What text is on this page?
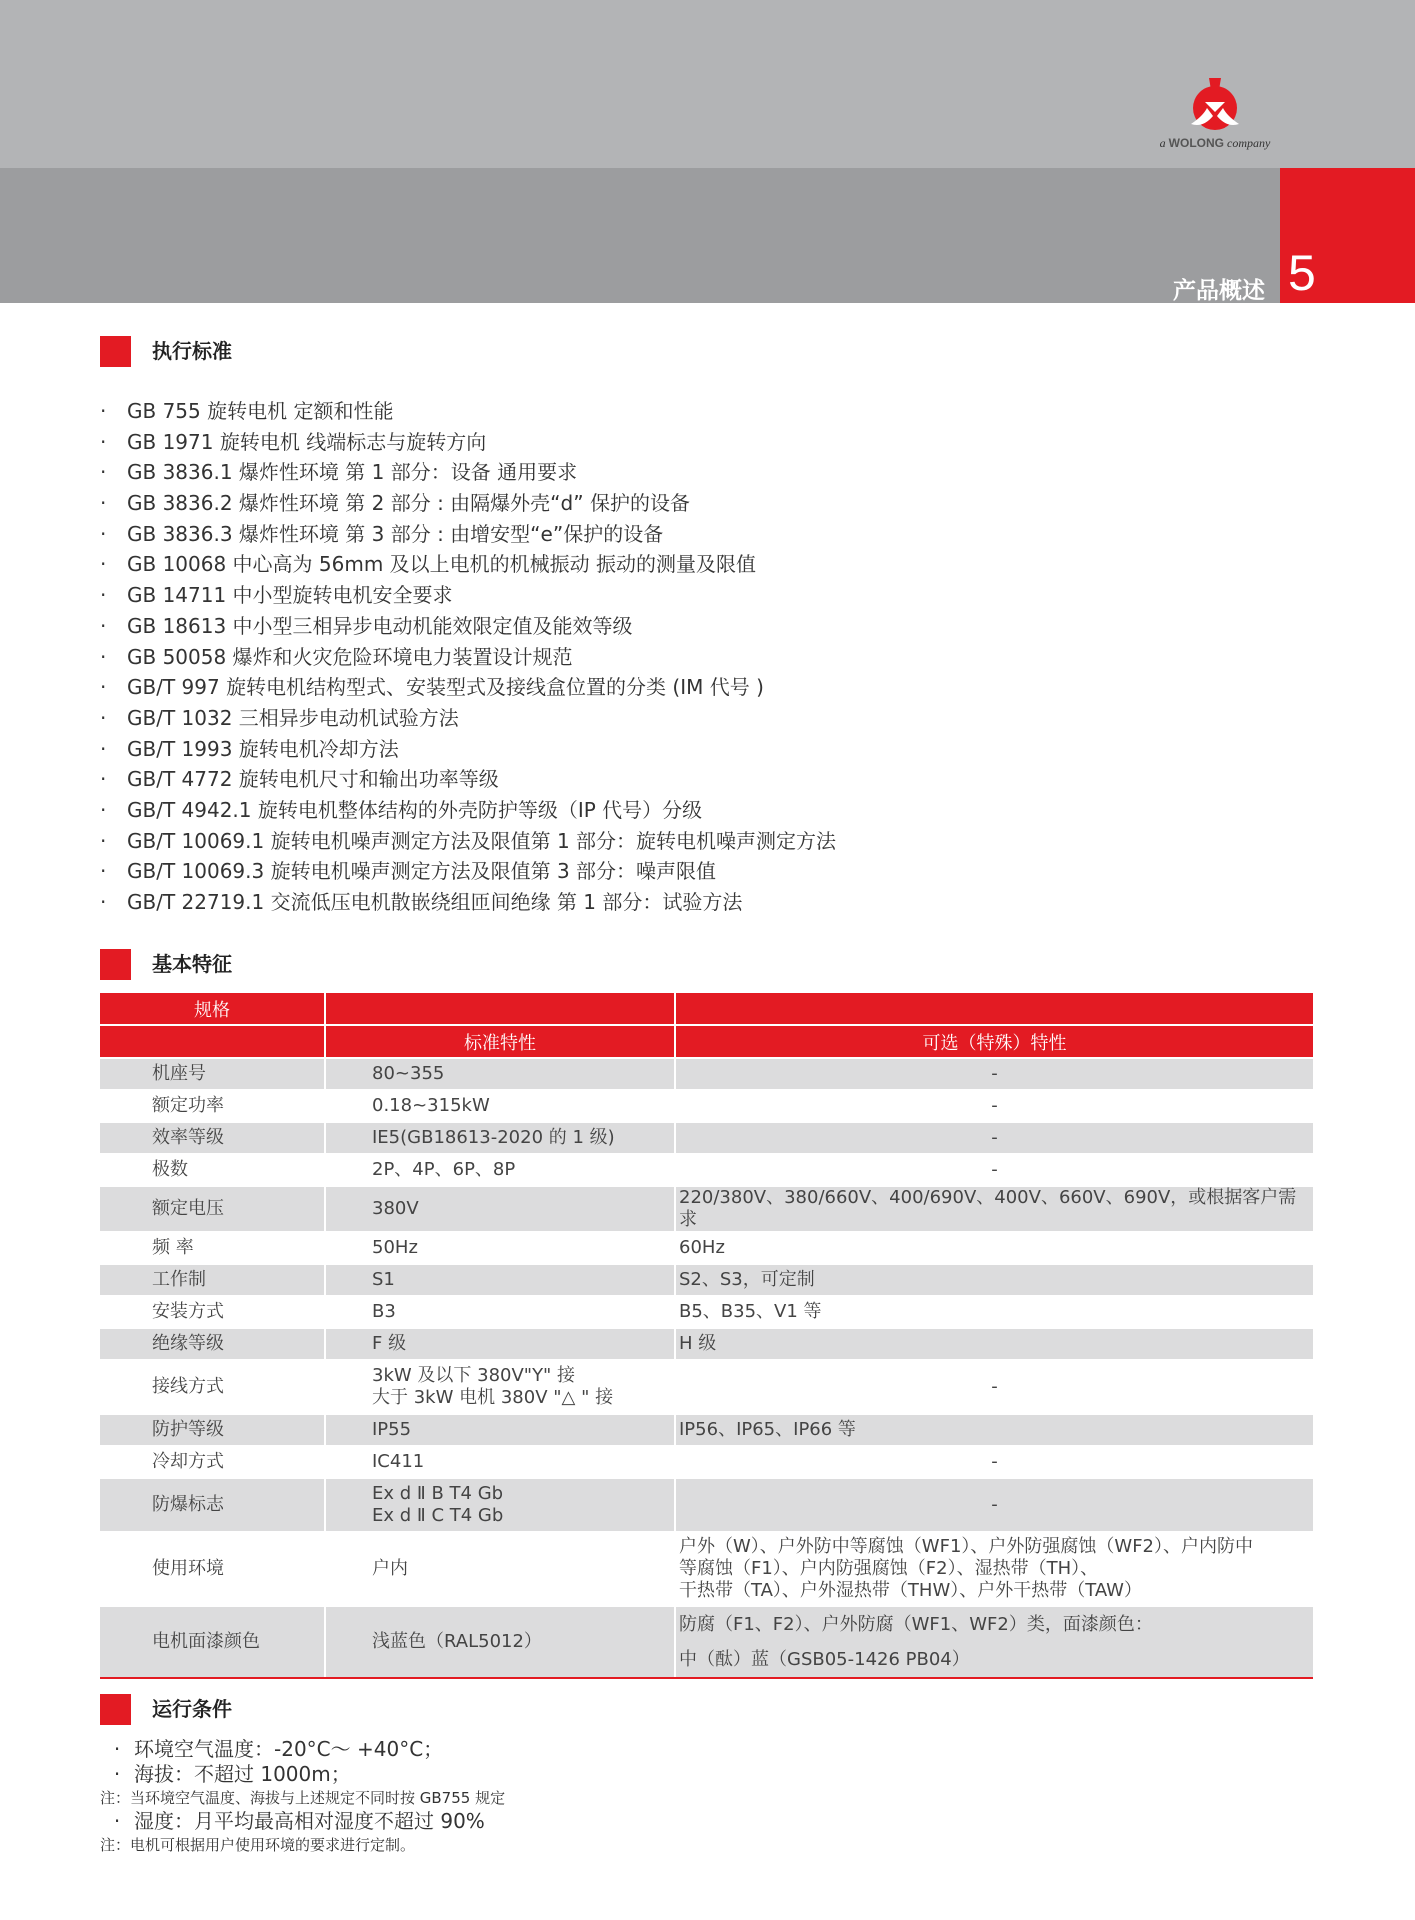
5
产品概述
a WOLONG company
执行标准
· GB 755 旋转电机 定额和性能
· GB 1971 旋转电机 线端标志与旋转方向
· GB 3836.1 爆炸性环境 第 1 部分：设备 通用要求
· GB 3836.2 爆炸性环境 第 2 部分 : 由隔爆外壳“d” 保护的设备
· GB 3836.3 爆炸性环境 第 3 部分 : 由增安型“e”保护的设备
· GB 10068 中心高为 56mm 及以上电机的机械振动 振动的测量及限值
· GB 14711 中小型旋转电机安全要求
· GB 18613 中小型三相异步电动机能效限定值及能效等级
· GB 50058 爆炸和火灾危险环境电力装置设计规范
· GB/T 997 旋转电机结构型式、安装型式及接线盒位置的分类 (IM 代号 )
· GB/T 1032 三相异步电动机试验方法
· GB/T 1993 旋转电机冷却方法
· GB/T 4772 旋转电机尺寸和输出功率等级
· GB/T 4942.1 旋转电机整体结构的外壳防护等级（IP 代号）分级
· GB/T 10069.1 旋转电机噪声测定方法及限值第 1 部分：旋转电机噪声测定方法
· GB/T 10069.3 旋转电机噪声测定方法及限值第 3 部分：噪声限值
· GB/T 22719.1 交流低压电机散嵌绕组匝间绝缘 第 1 部分：试验方法
基本特征
规格		
	标准特性	可选（特殊）特性
机座号	80~355	-

额定功率	0.18~315kW	-

效率等级	IE5(GB18613-2020 的 1 级)	-

极数	2P、4P、6P、8P	-

额定电压	380V	220/380V、380/660V、400/690V、400V、660V、690V，或根据客户需求

频 率	50Hz	60Hz

工作制	S1	S2、S3，可定制

安装方式	B3	B5、B35、V1 等

绝缘等级	F 级	H 级

接线方式	3kW 及以下 380V"Y" 接
大于 3kW 电机 380V "△ " 接	-

防护等级	IP55	IP56、IP65、IP66 等

冷却方式	IC411	-

防爆标志	Ex d Ⅱ B T4 Gb
Ex d Ⅱ C T4 Gb	-

使用环境	户内	户外（W）、户外防中等腐蚀（WF1）、户外防强腐蚀（WF2）、户内防中
等腐蚀（F1）、户内防强腐蚀（F2）、湿热带（TH）、
干热带（TA）、户外湿热带（THW）、户外干热带（TAW）

电机面漆颜色	浅蓝色（RAL5012）	防腐（F1、F2）、户外防腐（WF1、WF2）类，面漆颜色：
中（酞）蓝（GSB05-1426 PB04）
运行条件
· 环境空气温度：-20°C～ +40°C；
· 海拔：不超过 1000m；
注：当环境空气温度、海拔与上述规定不同时按 GB755 规定
· 湿度：月平均最高相对湿度不超过 90%
注：电机可根据用户使用环境的要求进行定制。
